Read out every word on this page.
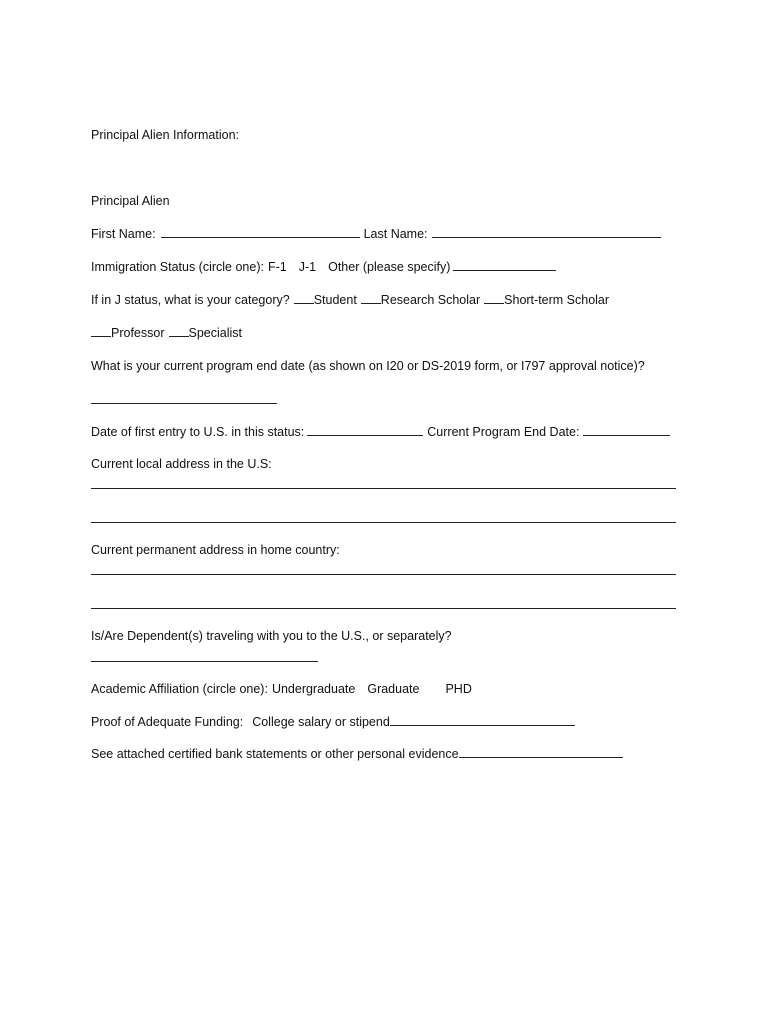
Principal Alien Information:
Principal Alien
First Name:	Last Name:
Immigration Status (circle one): F-1 J-1 Other (please specify)
If in J status, what is your category? Student Research Scholar Short-term Scholar
Professor Specialist
What is your current program end date (as shown on I20 or DS-2019 form, or I797 approval notice)?
Date of first entry to U.S. in this status:	Current Program End Date:
Current local address in the U.S:
Current permanent address in home country:
Is/Are Dependent(s) traveling with you to the U.S., or separately?
Academic Affiliation (circle one): Undergraduate Graduate PHD
Proof of Adequate Funding: College salary or stipend
See attached certified bank statements or other personal evidence
